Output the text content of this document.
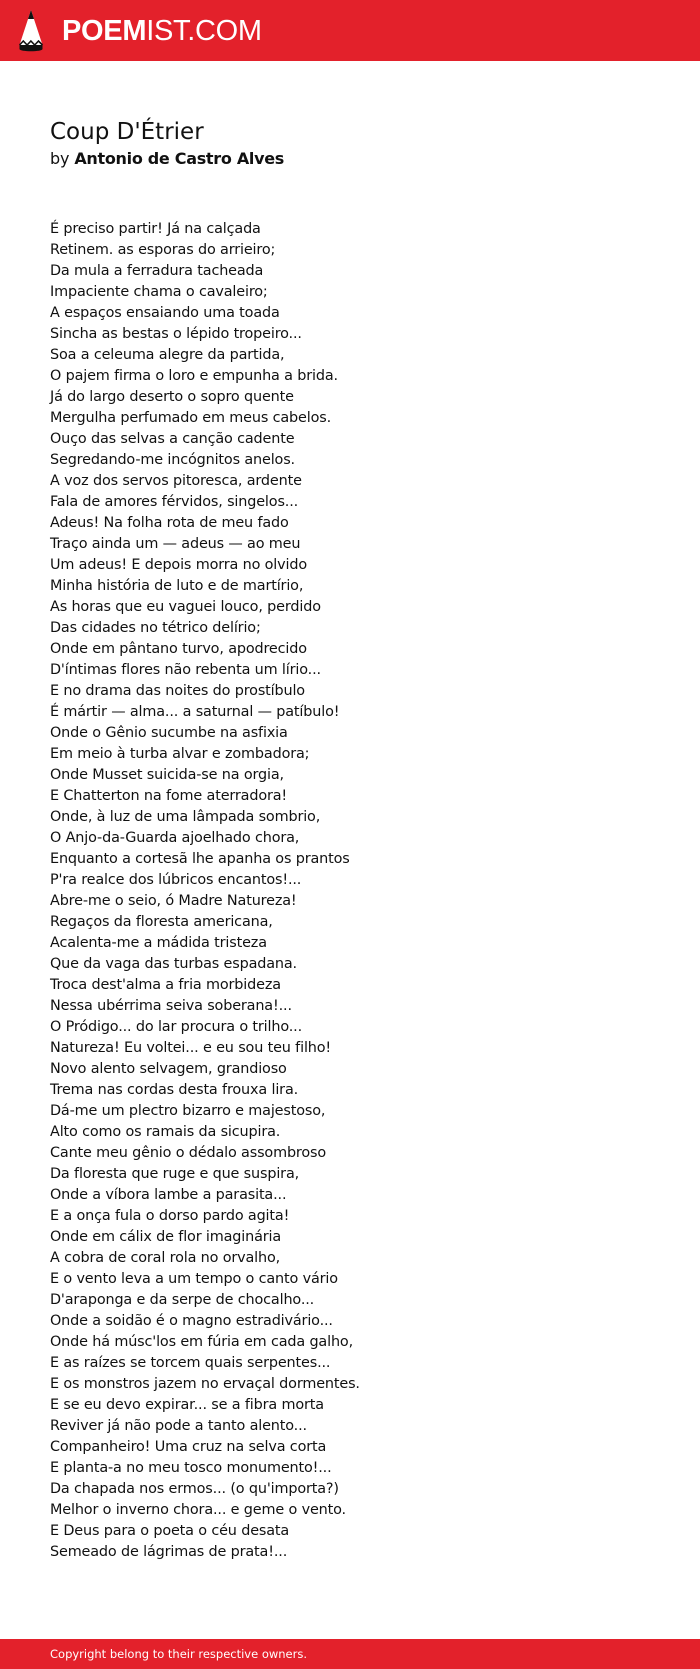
POEMIST.COM
Coup D'Étrier
by Antonio de Castro Alves
É preciso partir! Já na calçada
Retinem. as esporas do arrieiro;
Da mula a ferradura tacheada
Impaciente chama o cavaleiro;
A espaços ensaiando uma toada
Sincha as bestas o lépido tropeiro...
Soa a celeuma alegre da partida,
O pajem firma o loro e empunha a brida.
Já do largo deserto o sopro quente
Mergulha perfumado em meus cabelos.
Ouço das selvas a canção cadente
Segredando-me incógnitos anelos.
A voz dos servos pitoresca, ardente
Fala de amores férvidos, singelos...
Adeus! Na folha rota de meu fado
Traço ainda um — adeus — ao meu
Um adeus! E depois morra no olvido
Minha história de luto e de martírio,
As horas que eu vaguei louco, perdido
Das cidades no tétrico delírio;
Onde em pântano turvo, apodrecido
D'íntimas flores não rebenta um lírio...
E no drama das noites do prostíbulo
É mártir — alma... a saturnal — patíbulo!
Onde o Gênio sucumbe na asfixia
Em meio à turba alvar e zombadora;
Onde Musset suicida-se na orgia,
E Chatterton na fome aterradora!
Onde, à luz de uma lâmpada sombrio,
O Anjo-da-Guarda ajoelhado chora,
Enquanto a cortesã lhe apanha os prantos
P'ra realce dos lúbricos encantos!...
Abre-me o seio, ó Madre Natureza!
Regaços da floresta americana,
Acalenta-me a mádida tristeza
Que da vaga das turbas espadana.
Troca dest'alma a fria morbideza
Nessa ubérrima seiva soberana!...
O Pródigo... do lar procura o trilho...
Natureza! Eu voltei... e eu sou teu filho!
Novo alento selvagem, grandioso
Trema nas cordas desta frouxa lira.
Dá-me um plectro bizarro e majestoso,
Alto como os ramais da sicupira.
Cante meu gênio o dédalo assombroso
Da floresta que ruge e que suspira,
Onde a víbora lambe a parasita...
E a onça fula o dorso pardo agita!
Onde em cálix de flor imaginária
A cobra de coral rola no orvalho,
E o vento leva a um tempo o canto vário
D'araponga e da serpe de chocalho...
Onde a soidão é o magno estradivário...
Onde há músc'los em fúria em cada galho,
E as raízes se torcem quais serpentes...
E os monstros jazem no ervaçal dormentes.
E se eu devo expirar... se a fibra morta
Reviver já não pode a tanto alento...
Companheiro! Uma cruz na selva corta
E planta-a no meu tosco monumento!...
Da chapada nos ermos... (o qu'importa?)
Melhor o inverno chora... e geme o vento.
E Deus para o poeta o céu desata
Semeado de lágrimas de prata!...
Copyright belong to their respective owners.
